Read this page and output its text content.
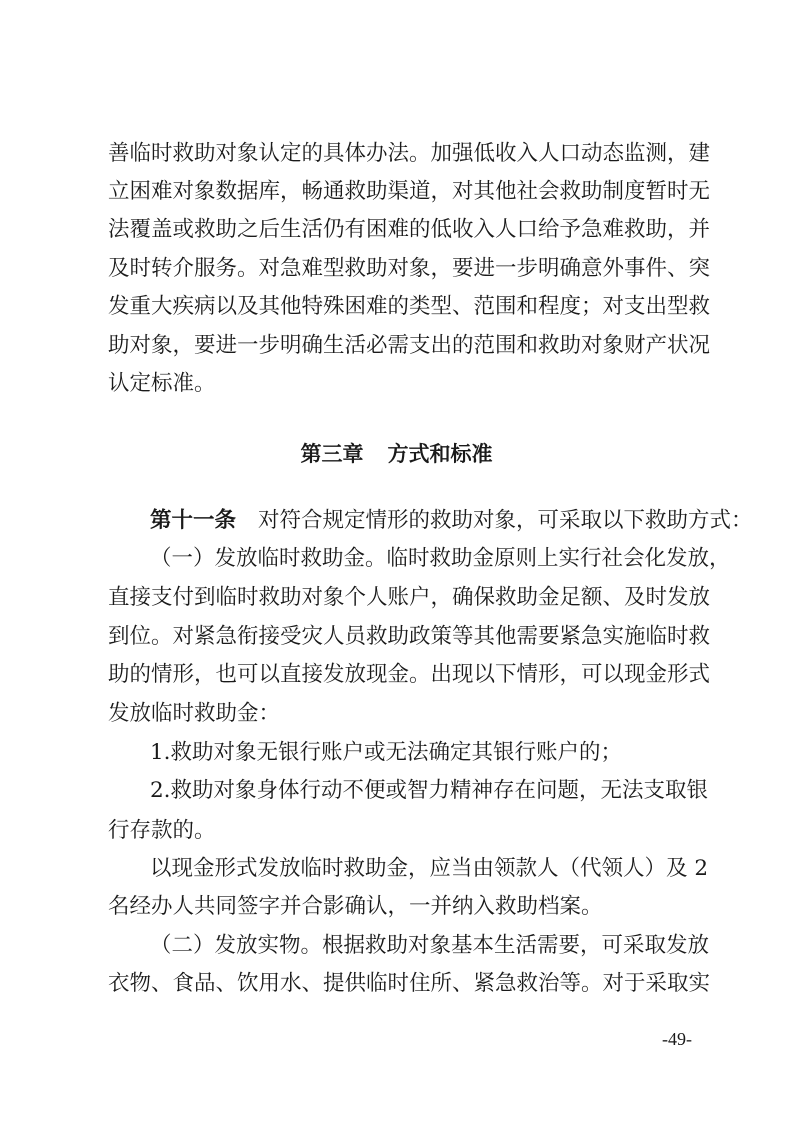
善临时救助对象认定的具体办法。加强低收入人口动态监测，建
立困难对象数据库，畅通救助渠道，对其他社会救助制度暂时无
法覆盖或救助之后生活仍有困难的低收入人口给予急难救助，并
及时转介服务。对急难型救助对象，要进一步明确意外事件、突
发重大疾病以及其他特殊困难的类型、范围和程度；对支出型救
助对象，要进一步明确生活必需支出的范围和救助对象财产状况
认定标准。
第三章 方式和标准
第十一条 对符合规定情形的救助对象，可采取以下救助方式：
（一）发放临时救助金。临时救助金原则上实行社会化发放，
直接支付到临时救助对象个人账户，确保救助金足额、及时发放
到位。对紧急衔接受灾人员救助政策等其他需要紧急实施临时救
助的情形，也可以直接发放现金。出现以下情形，可以现金形式
发放临时救助金：
1.救助对象无银行账户或无法确定其银行账户的；
2.救助对象身体行动不便或智力精神存在问题，无法支取银
行存款的。
以现金形式发放临时救助金，应当由领款人（代领人）及 2
名经办人共同签字并合影确认，一并纳入救助档案。
（二）发放实物。根据救助对象基本生活需要，可采取发放
衣物、食品、饮用水、提供临时住所、紧急救治等。对于采取实
-49-
